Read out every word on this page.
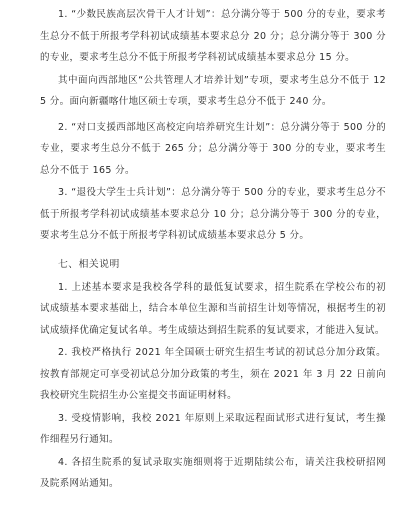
1. “少数民族高层次骨干人才计划”：总分满分等于 500 分的专业，要求考生总分不低于所报考学科初试成绩基本要求总分 20 分；总分满分等于 300 分的专业，要求考生总分不低于所报考学科初试成绩基本要求总分 15 分。

其中面向西部地区“公共管理人才培养计划”专项，要求考生总分不低于 125 分。面向新疆喀什地区硕士专项，要求考生总分不低于 240 分。

2. “对口支援西部地区高校定向培养研究生计划”：总分满分等于 500 分的专业，要求考生总分不低于 265 分；总分满分等于 300 分的专业，要求考生总分不低于 165 分。

3. “退役大学生士兵计划”：总分满分等于 500 分的专业，要求考生总分不低于所报考学科初试成绩基本要求总分 10 分；总分满分等于 300 分的专业，要求考生总分不低于所报考学科初试成绩基本要求总分 5 分。

七、相关说明

1. 上述基本要求是我校各学科的最低复试要求，招生院系在学校公布的初试成绩基本要求基础上，结合本单位生源和当前招生计划等情况，根据考生的初试成绩择优确定复试名单。考生成绩达到招生院系的复试要求，才能进入复试。

2. 我校严格执行 2021 年全国硕士研究生招生考试的初试总分加分政策。按教育部规定可享受初试总分加分政策的考生，须在 2021 年 3 月 22 日前向我校研究生院招生办公室提交书面证明材料。

3. 受疫情影响，我校 2021 年原则上采取远程面试形式进行复试，考生操作细程另行通知。

4. 各招生院系的复试录取实施细则将于近期陆续公布，请关注我校研招网及院系网站通知。
